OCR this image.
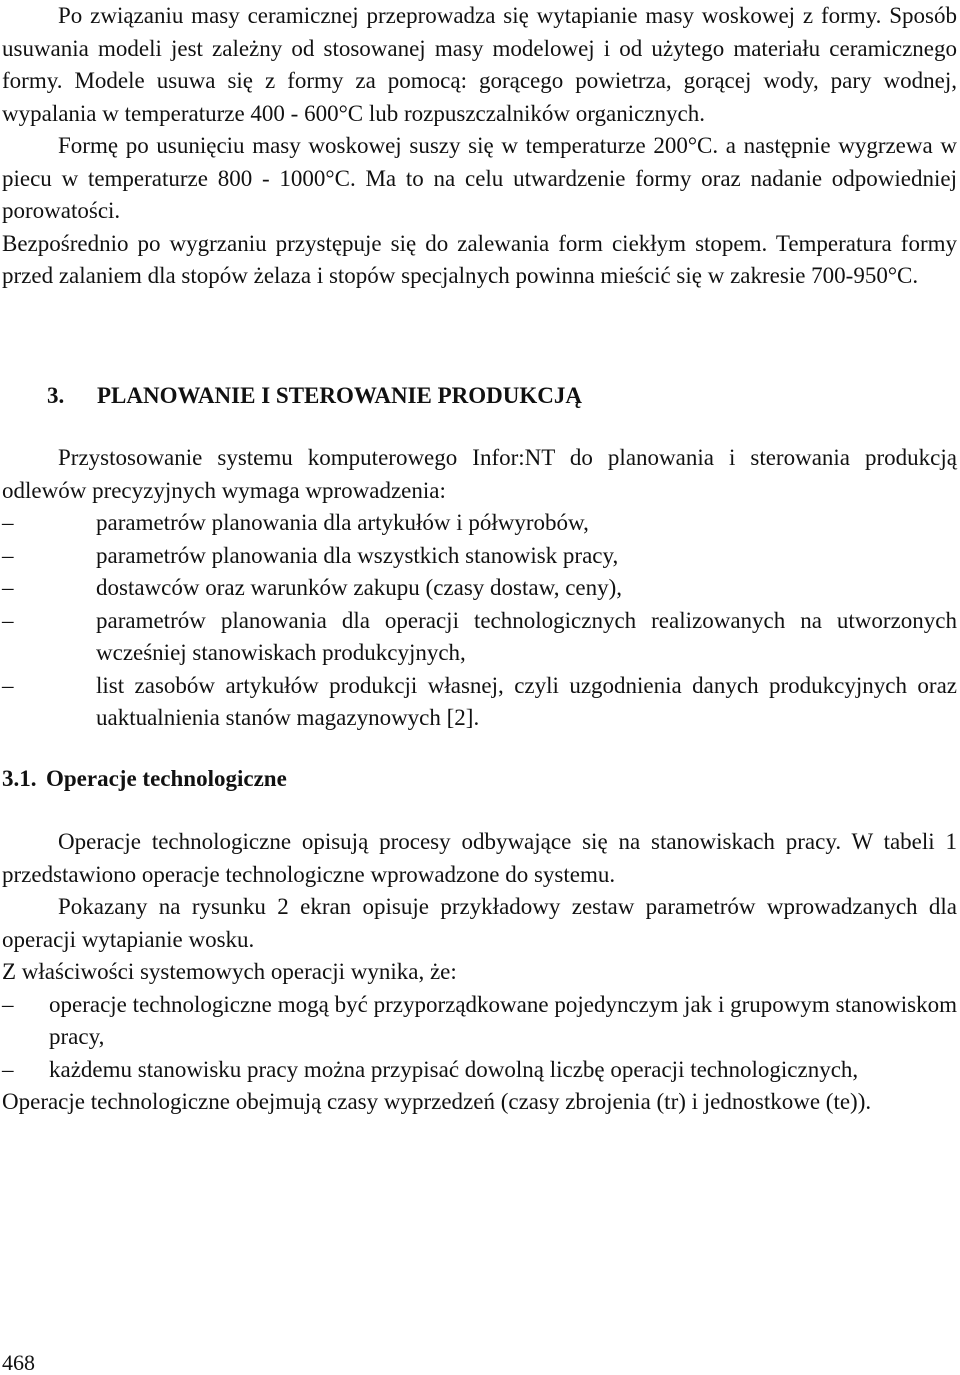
Po związaniu masy ceramicznej przeprowadza się wytapianie masy woskowej z formy. Sposób usuwania modeli jest zależny od stosowanej masy modelowej i od użytego materiału ceramicznego formy. Modele usuwa się z formy za pomocą: gorącego powietrza, gorącej wody, pary wodnej, wypalania w temperaturze 400 - 600°C lub rozpuszczalników organicznych.

Formę po usunięciu masy woskowej suszy się w temperaturze 200°C. a następnie wygrzewa w piecu w temperaturze 800 - 1000°C. Ma to na celu utwardzenie formy oraz nadanie odpowiedniej porowatości.

Bezpośrednio po wygrzaniu przystępuje się do zalewania form ciekłym stopem. Temperatura formy przed zalaniem dla stopów żelaza i stopów specjalnych powinna mieścić się w zakresie 700-950°C.

3. PLANOWANIE I STEROWANIE PRODUKCJĄ

Przystosowanie systemu komputerowego Infor:NT do planowania i sterowania produkcją odlewów precyzyjnych wymaga wprowadzenia:

–	parametrów planowania dla artykułów i półwyrobów,
–	parametrów planowania dla wszystkich stanowisk pracy,
–	dostawców oraz warunków zakupu (czasy dostaw, ceny),
–	parametrów planowania dla operacji technologicznych realizowanych na utworzonych wcześniej stanowiskach produkcyjnych,
–	list zasobów artykułów produkcji własnej, czyli uzgodnienia danych produkcyjnych oraz uaktualnienia stanów magazynowych [2].
3.1. Operacje technologiczne

Operacje technologiczne opisują procesy odbywające się na stanowiskach pracy. W tabeli 1 przedstawiono operacje technologiczne wprowadzone do systemu.

Pokazany na rysunku 2 ekran opisuje przykładowy zestaw parametrów wprowadzanych dla operacji wytapianie wosku.

Z właściwości systemowych operacji wynika, że:

– operacje technologiczne mogą być przyporządkowane pojedynczym jak i grupowym stanowiskom pracy,
– każdemu stanowisku pracy można przypisać dowolną liczbę operacji technologicznych,

Operacje technologiczne obejmują czasy wyprzedzeń (czasy zbrojenia (tr) i jednostkowe (te)).

468
